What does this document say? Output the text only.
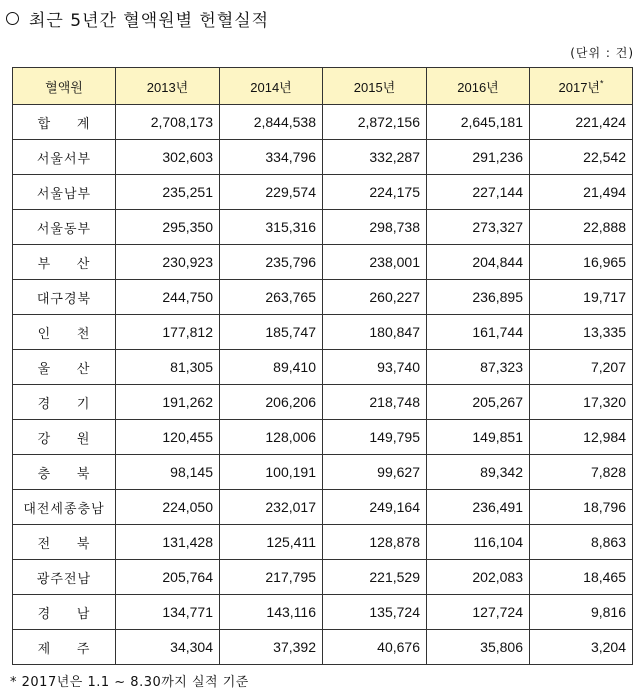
최근 5년간 혈액원별 헌혈실적
(단위 : 건)
혈액원	2013년	2014년	2015년	2016년	2017년*
합     계	2,708,173	2,844,538	2,872,156	2,645,181	221,424
서울서부	302,603	334,796	332,287	291,236	22,542
서울남부	235,251	229,574	224,175	227,144	21,494
서울동부	295,350	315,316	298,738	273,327	22,888
부     산	230,923	235,796	238,001	204,844	16,965
대구경북	244,750	263,765	260,227	236,895	19,717
인     천	177,812	185,747	180,847	161,744	13,335
울     산	81,305	89,410	93,740	87,323	7,207
경     기	191,262	206,206	218,748	205,267	17,320
강     원	120,455	128,006	149,795	149,851	12,984
충     북	98,145	100,191	99,627	89,342	7,828
대전세종충남	224,050	232,017	249,164	236,491	18,796
전     북	131,428	125,411	128,878	116,104	8,863
광주전남	205,764	217,795	221,529	202,083	18,465
경     남	134,771	143,116	135,724	127,724	9,816
제     주	34,304	37,392	40,676	35,806	3,204
* 2017년은 1.1 ~ 8.30까지 실적 기준
